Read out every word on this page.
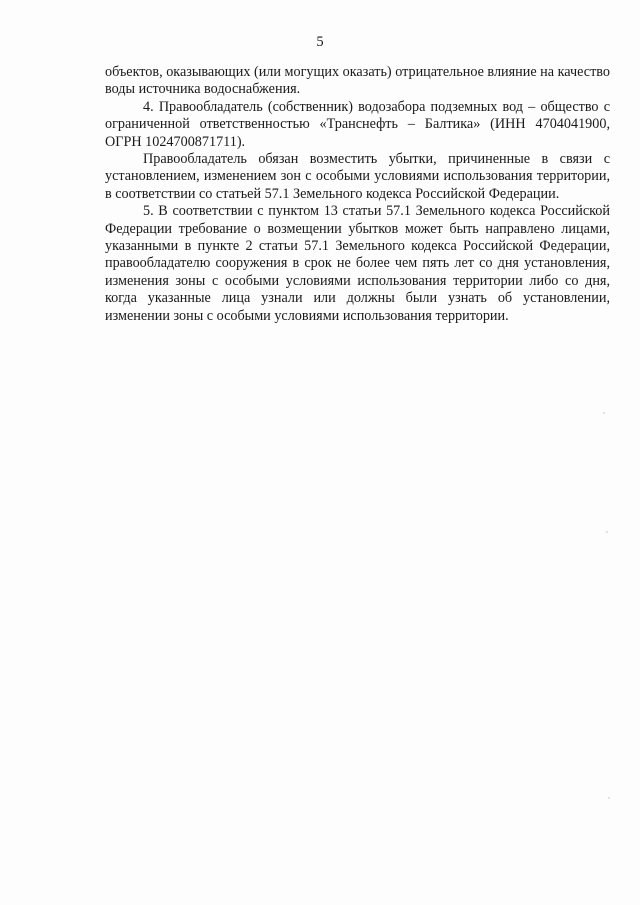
5

объектов, оказывающих (или могущих оказать) отрицательное влияние на качество воды источника водоснабжения.

4. Правообладатель (собственник) водозабора подземных вод – общество с ограниченной ответственностью «Транснефть – Балтика» (ИНН 4704041900, ОГРН 1024700871711).

Правообладатель обязан возместить убытки, причиненные в связи с установлением, изменением зон с особыми условиями использования территории, в соответствии со статьей 57.1 Земельного кодекса Российской Федерации.

5. В соответствии с пунктом 13 статьи 57.1 Земельного кодекса Российской Федерации требование о возмещении убытков может быть направлено лицами, указанными в пункте 2 статьи 57.1 Земельного кодекса Российской Федерации, правообладателю сооружения в срок не более чем пять лет со дня установления, изменения зоны с особыми условиями использования территории либо со дня, когда указанные лица узнали или должны были узнать об установлении, изменении зоны с особыми условиями использования территории.
